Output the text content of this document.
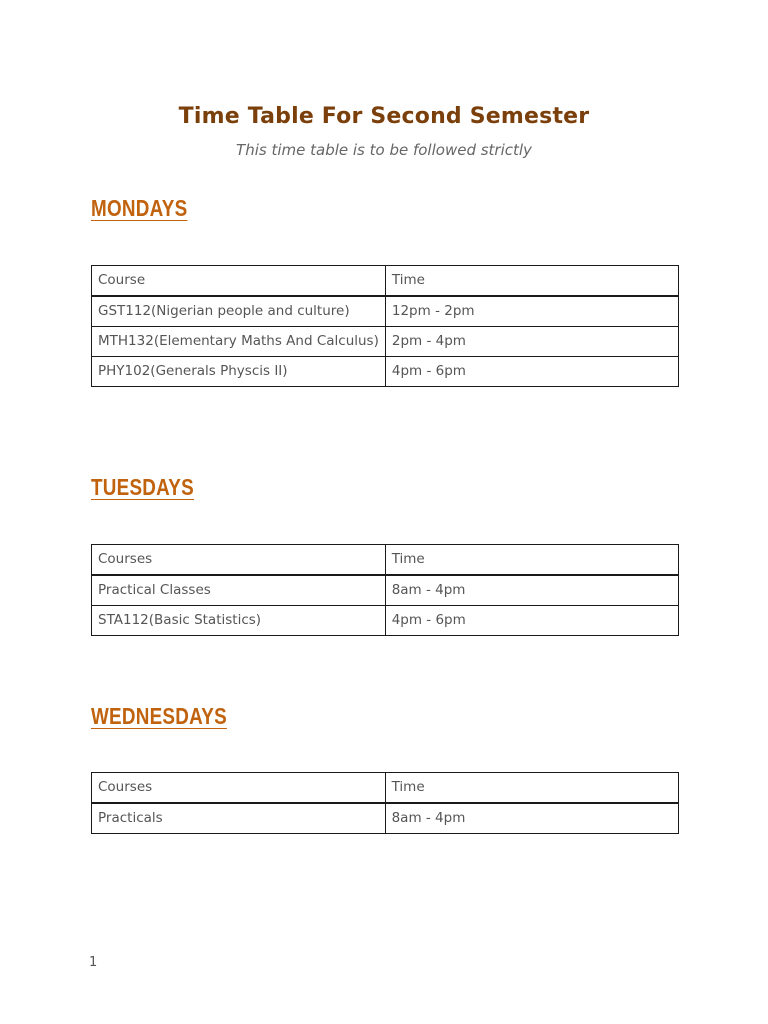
Time Table For Second Semester
This time table is to be followed strictly
MONDAYS
Course	Time
GST112(Nigerian people and culture)	12pm - 2pm
MTH132(Elementary Maths And Calculus)	2pm - 4pm
PHY102(Generals Physcis II)	4pm - 6pm
TUESDAYS
Courses	Time
Practical Classes	8am - 4pm
STA112(Basic Statistics)	4pm - 6pm
WEDNESDAYS
Courses	Time
Practicals	8am - 4pm
1
